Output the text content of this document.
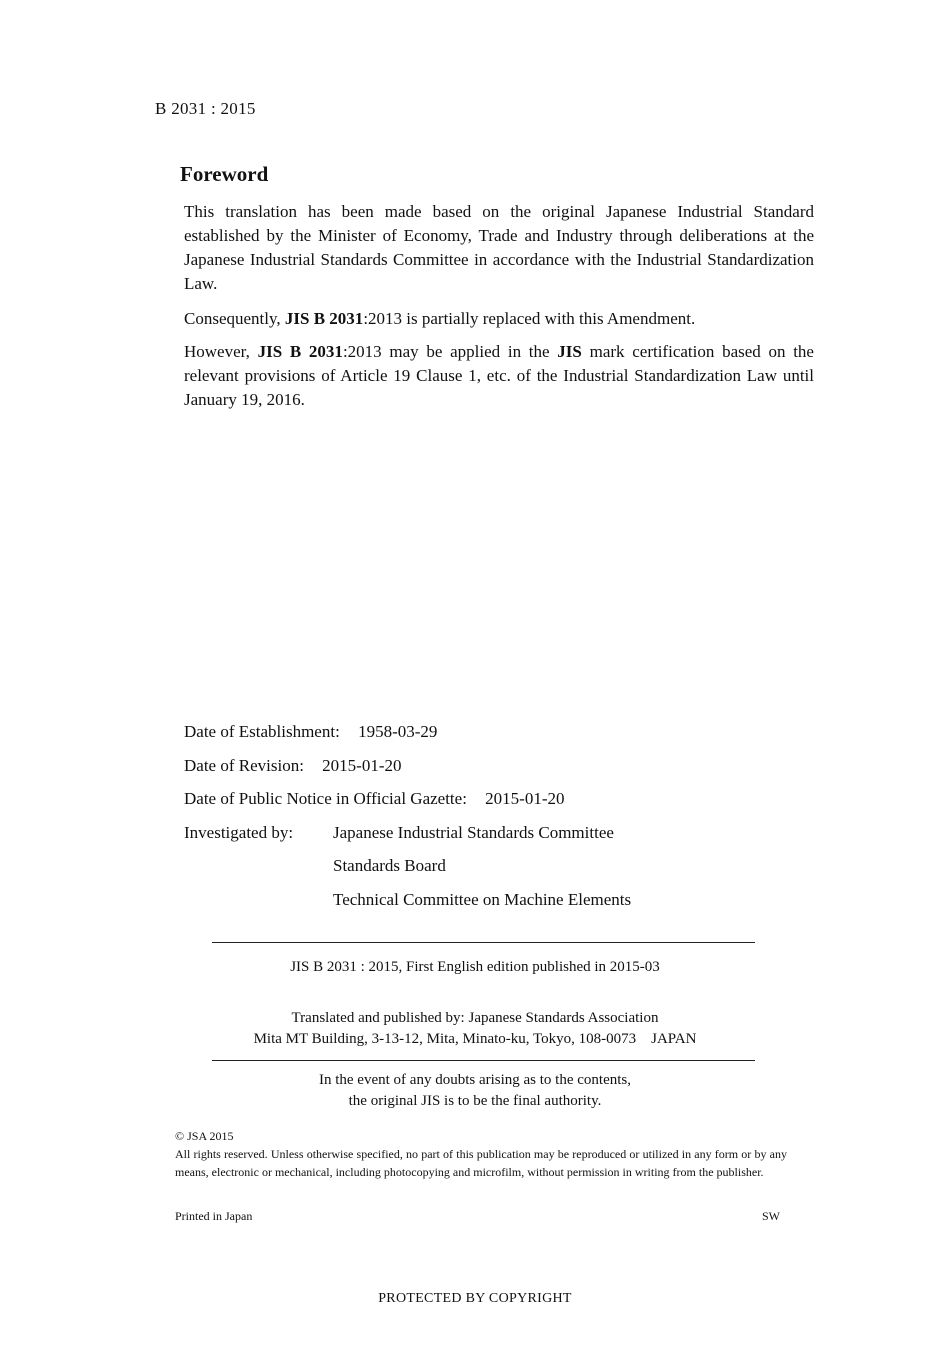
B 2031 : 2015
Foreword

This translation has been made based on the original Japanese Industrial Standard established by the Minister of Economy, Trade and Industry through deliberations at the Japanese Industrial Standards Committee in accordance with the Industrial Standardization Law.

Consequently, JIS B 2031:2013 is partially replaced with this Amendment.

However, JIS B 2031:2013 may be applied in the JIS mark certification based on the relevant provisions of Article 19 Clause 1, etc. of the Industrial Standardization Law until January 19, 2016.

Date of Establishment: 1958-03-29
Date of Revision: 2015-01-20
Date of Public Notice in Official Gazette: 2015-01-20
Investigated by: Japanese Industrial Standards Committee
Standards Board
Technical Committee on Machine Elements
JIS B 2031 : 2015, First English edition published in 2015-03
Translated and published by: Japanese Standards Association
Mita MT Building, 3-13-12, Mita, Minato-ku, Tokyo, 108-0073    JAPAN
In the event of any doubts arising as to the contents,
the original JIS is to be the final authority.
© JSA 2015
All rights reserved. Unless otherwise specified, no part of this publication may be reproduced or utilized in any form or by any means, electronic or mechanical, including photocopying and microfilm, without permission in writing from the publisher.
Printed in Japan	SW
PROTECTED BY COPYRIGHT
